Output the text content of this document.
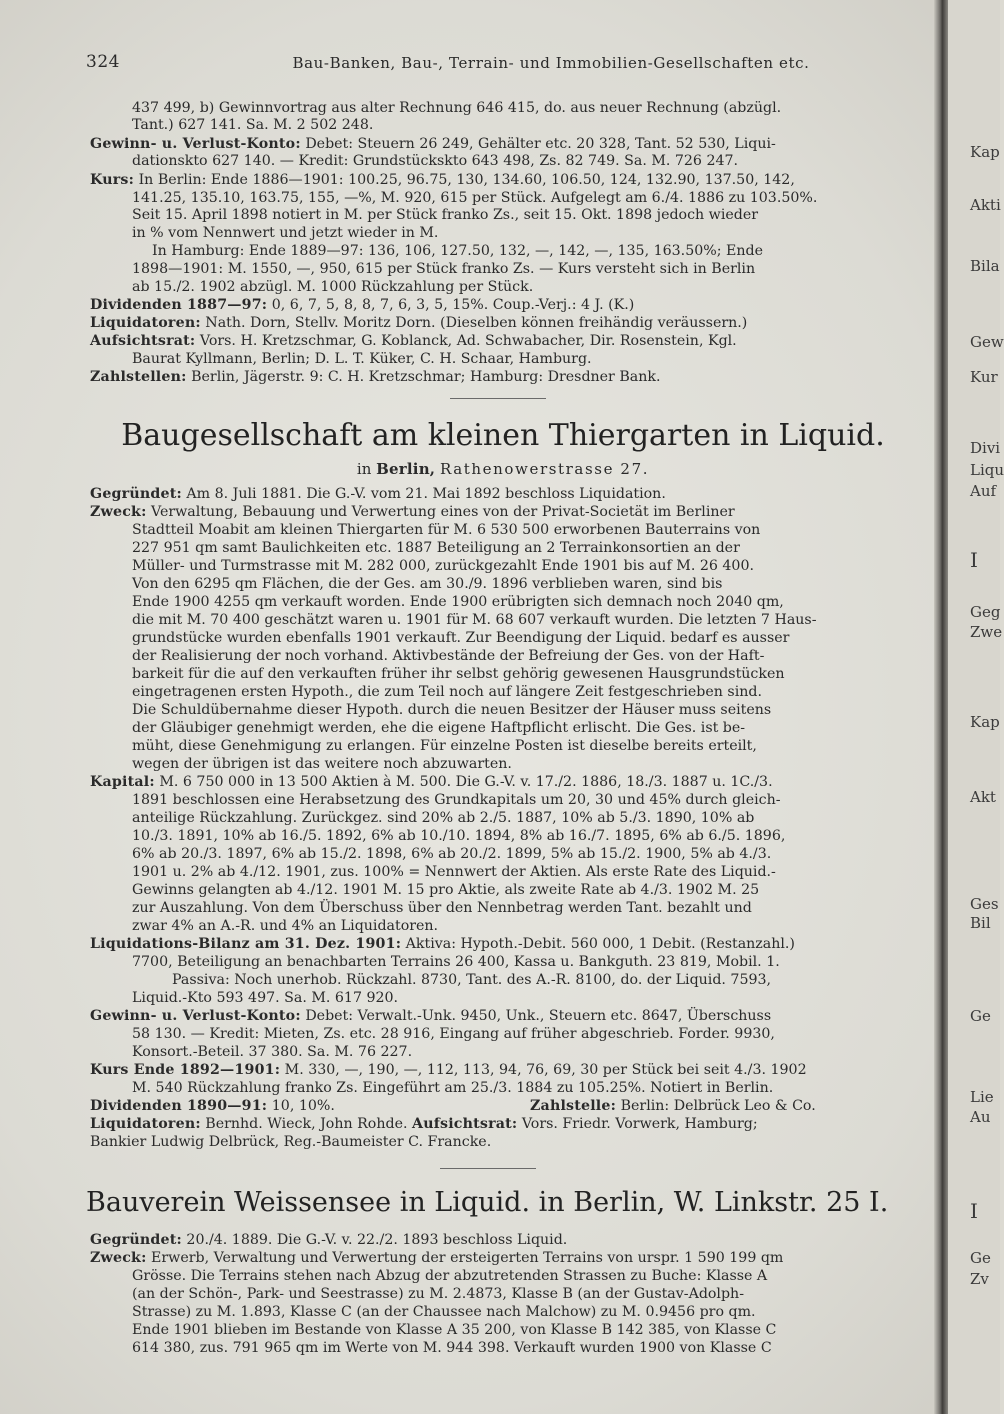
Kap
Akti
Bila
Gew
Kur
Divi
Liqu
Auf
I
Geg
Zwe
Kap
Akt
Ges
Bil
Ge
Lie
Au
I
Ge
Zv
324	Bau-Banken, Bau-, Terrain- und Immobilien-Gesellschaften etc.
437 499, b) Gewinnvortrag aus alter Rechnung 646 415, do. aus neuer Rechnung (abzügl.
Tant.) 627 141. Sa. M. 2 502 248.
Gewinn- u. Verlust-Konto: Debet: Steuern 26 249, Gehälter etc. 20 328, Tant. 52 530, Liqui-
dationskto 627 140. — Kredit: Grundstückskto 643 498, Zs. 82 749. Sa. M. 726 247.
Kurs: In Berlin: Ende 1886—1901: 100.25, 96.75, 130, 134.60, 106.50, 124, 132.90, 137.50, 142,
141.25, 135.10, 163.75, 155, —%, M. 920, 615 per Stück. Aufgelegt am 6./4. 1886 zu 103.50%.
Seit 15. April 1898 notiert in M. per Stück franko Zs., seit 15. Okt. 1898 jedoch wieder
in % vom Nennwert und jetzt wieder in M.
In Hamburg: Ende 1889—97: 136, 106, 127.50, 132, —, 142, —, 135, 163.50%; Ende
1898—1901: M. 1550, —, 950, 615 per Stück franko Zs. — Kurs versteht sich in Berlin
ab 15./2. 1902 abzügl. M. 1000 Rückzahlung per Stück.
Dividenden 1887—97: 0, 6, 7, 5, 8, 8, 7, 6, 3, 5, 15%. Coup.-Verj.: 4 J. (K.)
Liquidatoren: Nath. Dorn, Stellv. Moritz Dorn. (Dieselben können freihändig veräussern.)
Aufsichtsrat: Vors. H. Kretzschmar, G. Koblanck, Ad. Schwabacher, Dir. Rosenstein, Kgl.
Baurat Kyllmann, Berlin; D. L. T. Küker, C. H. Schaar, Hamburg.
Zahlstellen: Berlin, Jägerstr. 9: C. H. Kretzschmar; Hamburg: Dresdner Bank.
Baugesellschaft am kleinen Thiergarten in Liquid.
in Berlin, Rathenowerstrasse 27.
Gegründet: Am 8. Juli 1881. Die G.-V. vom 21. Mai 1892 beschloss Liquidation.
Zweck: Verwaltung, Bebauung und Verwertung eines von der Privat-Societät im Berliner
Stadtteil Moabit am kleinen Thiergarten für M. 6 530 500 erworbenen Bauterrains von
227 951 qm samt Baulichkeiten etc. 1887 Beteiligung an 2 Terrainkonsortien an der
Müller- und Turmstrasse mit M. 282 000, zurückgezahlt Ende 1901 bis auf M. 26 400.
Von den 6295 qm Flächen, die der Ges. am 30./9. 1896 verblieben waren, sind bis
Ende 1900 4255 qm verkauft worden. Ende 1900 erübrigten sich demnach noch 2040 qm,
die mit M. 70 400 geschätzt waren u. 1901 für M. 68 607 verkauft wurden. Die letzten 7 Haus-
grundstücke wurden ebenfalls 1901 verkauft. Zur Beendigung der Liquid. bedarf es ausser
der Realisierung der noch vorhand. Aktivbestände der Befreiung der Ges. von der Haft-
barkeit für die auf den verkauften früher ihr selbst gehörig gewesenen Hausgrundstücken
eingetragenen ersten Hypoth., die zum Teil noch auf längere Zeit festgeschrieben sind.
Die Schuldübernahme dieser Hypoth. durch die neuen Besitzer der Häuser muss seitens
der Gläubiger genehmigt werden, ehe die eigene Haftpflicht erlischt. Die Ges. ist be-
müht, diese Genehmigung zu erlangen. Für einzelne Posten ist dieselbe bereits erteilt,
wegen der übrigen ist das weitere noch abzuwarten.
Kapital: M. 6 750 000 in 13 500 Aktien à M. 500. Die G.-V. v. 17./2. 1886, 18./3. 1887 u. 1C./3.
1891 beschlossen eine Herabsetzung des Grundkapitals um 20, 30 und 45% durch gleich-
anteilige Rückzahlung. Zurückgez. sind 20% ab 2./5. 1887, 10% ab 5./3. 1890, 10% ab
10./3. 1891, 10% ab 16./5. 1892, 6% ab 10./10. 1894, 8% ab 16./7. 1895, 6% ab 6./5. 1896,
6% ab 20./3. 1897, 6% ab 15./2. 1898, 6% ab 20./2. 1899, 5% ab 15./2. 1900, 5% ab 4./3.
1901 u. 2% ab 4./12. 1901, zus. 100% = Nennwert der Aktien. Als erste Rate des Liquid.-
Gewinns gelangten ab 4./12. 1901 M. 15 pro Aktie, als zweite Rate ab 4./3. 1902 M. 25
zur Auszahlung. Von dem Überschuss über den Nennbetrag werden Tant. bezahlt und
zwar 4% an A.-R. und 4% an Liquidatoren.
Liquidations-Bilanz am 31. Dez. 1901: Aktiva: Hypoth.-Debit. 560 000, 1 Debit. (Restanzahl.)
7700, Beteiligung an benachbarten Terrains 26 400, Kassa u. Bankguth. 23 819, Mobil. 1.
Passiva: Noch unerhob. Rückzahl. 8730, Tant. des A.-R. 8100, do. der Liquid. 7593,
Liquid.-Kto 593 497. Sa. M. 617 920.
Gewinn- u. Verlust-Konto: Debet: Verwalt.-Unk. 9450, Unk., Steuern etc. 8647, Überschuss
58 130. — Kredit: Mieten, Zs. etc. 28 916, Eingang auf früher abgeschrieb. Forder. 9930,
Konsort.-Beteil. 37 380. Sa. M. 76 227.
Kurs Ende 1892—1901: M. 330, —, 190, —, 112, 113, 94, 76, 69, 30 per Stück bei seit 4./3. 1902
M. 540 Rückzahlung franko Zs. Eingeführt am 25./3. 1884 zu 105.25%. Notiert in Berlin.
Dividenden 1890—91: 10, 10%.	Zahlstelle: Berlin: Delbrück Leo & Co.
Liquidatoren: Bernhd. Wieck, John Rohde. Aufsichtsrat: Vors. Friedr. Vorwerk, Hamburg;
Bankier Ludwig Delbrück, Reg.-Baumeister C. Francke.
Bauverein Weissensee in Liquid. in Berlin, W. Linkstr. 25 I.
Gegründet: 20./4. 1889. Die G.-V. v. 22./2. 1893 beschloss Liquid.
Zweck: Erwerb, Verwaltung und Verwertung der ersteigerten Terrains von urspr. 1 590 199 qm
Grösse. Die Terrains stehen nach Abzug der abzutretenden Strassen zu Buche: Klasse A
(an der Schön-, Park- und Seestrasse) zu M. 2.4873, Klasse B (an der Gustav-Adolph-
Strasse) zu M. 1.893, Klasse C (an der Chaussee nach Malchow) zu M. 0.9456 pro qm.
Ende 1901 blieben im Bestande von Klasse A 35 200, von Klasse B 142 385, von Klasse C
614 380, zus. 791 965 qm im Werte von M. 944 398. Verkauft wurden 1900 von Klasse C
